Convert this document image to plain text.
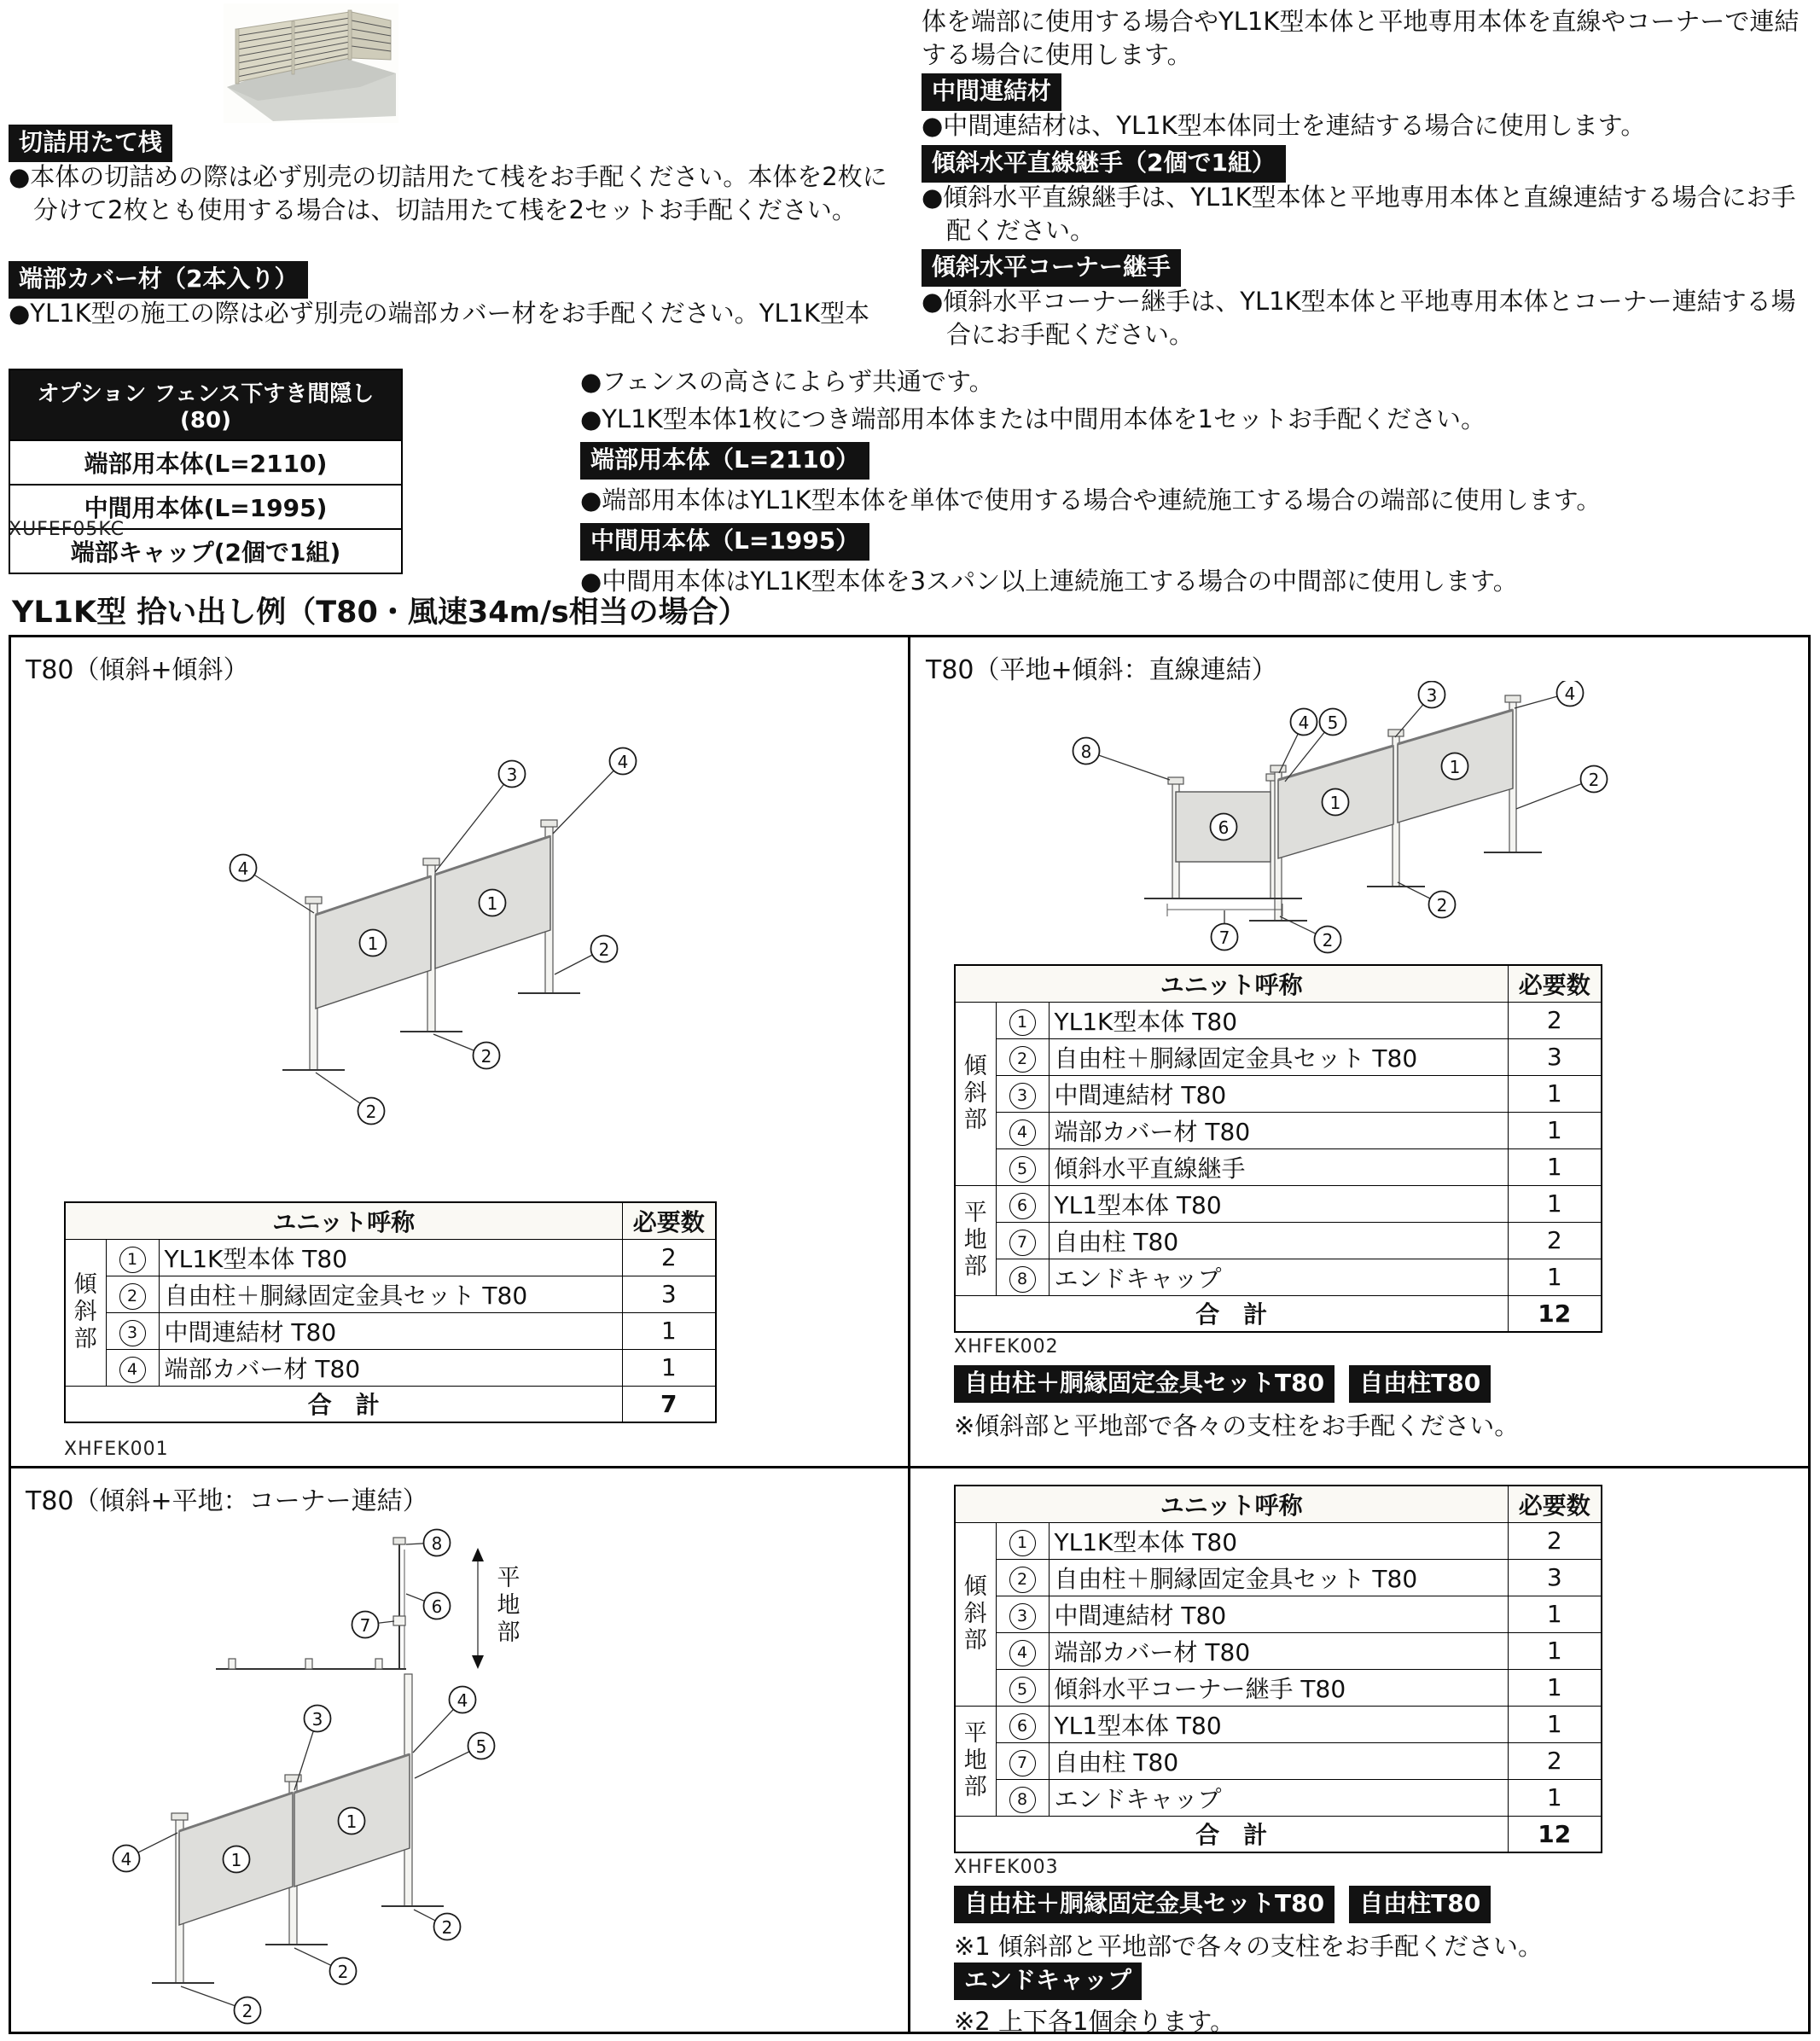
切詰用たて桟
●本体の切詰めの際は必ず別売の切詰用たて桟をお手配ください。本体を2枚に分けて2枚とも使用する場合は、切詰用たて桟を2セットお手配ください。
端部カバー材（2本入り）
●YL1K型の施工の際は必ず別売の端部カバー材をお手配ください。YL1K型本
体を端部に使用する場合やYL1K型本体と平地専用本体を直線やコーナーで連結する場合に使用します。
中間連結材
●中間連結材は、YL1K型本体同士を連結する場合に使用します。
傾斜水平直線継手（2個で1組）
●傾斜水平直線継手は、YL1K型本体と平地専用本体と直線連結する場合にお手配ください。
傾斜水平コーナー継手
●傾斜水平コーナー継手は、YL1K型本体と平地専用本体とコーナー連結する場合にお手配ください。
オプション フェンス下すき間隠し(80)
端部用本体(L=2110)
中間用本体(L=1995)
端部キャップ(2個で1組)
XUFEF05KC
●フェンスの高さによらず共通です。
●YL1K型本体1枚につき端部用本体または中間用本体を1セットお手配ください。
端部用本体（L=2110）
●端部用本体はYL1K型本体を単体で使用する場合や連続施工する場合の端部に使用します。
中間用本体（L=1995）
●中間用本体はYL1K型本体を3スパン以上連続施工する場合の中間部に使用します。
YL1K型 拾い出し例（T80・風速34m/s相当の場合）
T80（傾斜+傾斜）
4
3
4
1
1
2
2
2
ユニット呼称			必要数
傾斜部	1	YL1K型本体 T80	2
	2	自由柱＋胴縁固定金具セット T80	3
	3	中間連結材 T80	1
	4	端部カバー材 T80	1
合　計			7
XHFEK001
T80（平地+傾斜：直線連結）
8
4 5
3	4
1
1
6
2
2
7	2
ユニット呼称			必要数
傾斜部	1	YL1K型本体 T80	2
	2	自由柱＋胴縁固定金具セット T80	3
	3	中間連結材 T80	1
	4	端部カバー材 T80	1
	5	傾斜水平直線継手	1
平地部	6	YL1型本体 T80	1
	7	自由柱 T80	2
	8	エンドキャップ	1
合　計			12
XHFEK002
自由柱＋胴縁固定金具セットT80 自由柱T80
※傾斜部と平地部で各々の支柱をお手配ください。
T80（傾斜+平地：コーナー連結）
平地部
8
6
7
3
4
5
1
1
4
2
2
2
ユニット呼称			必要数
傾斜部	1	YL1K型本体 T80	2
	2	自由柱＋胴縁固定金具セット T80	3
	3	中間連結材 T80	1
	4	端部カバー材 T80	1
	5	傾斜水平コーナー継手 T80	1
平地部	6	YL1型本体 T80	1
	7	自由柱 T80	2
	8	エンドキャップ	1
合　計			12
XHFEK003
自由柱＋胴縁固定金具セットT80 自由柱T80
※1 傾斜部と平地部で各々の支柱をお手配ください。
エンドキャップ
※2 上下各1個余ります。
